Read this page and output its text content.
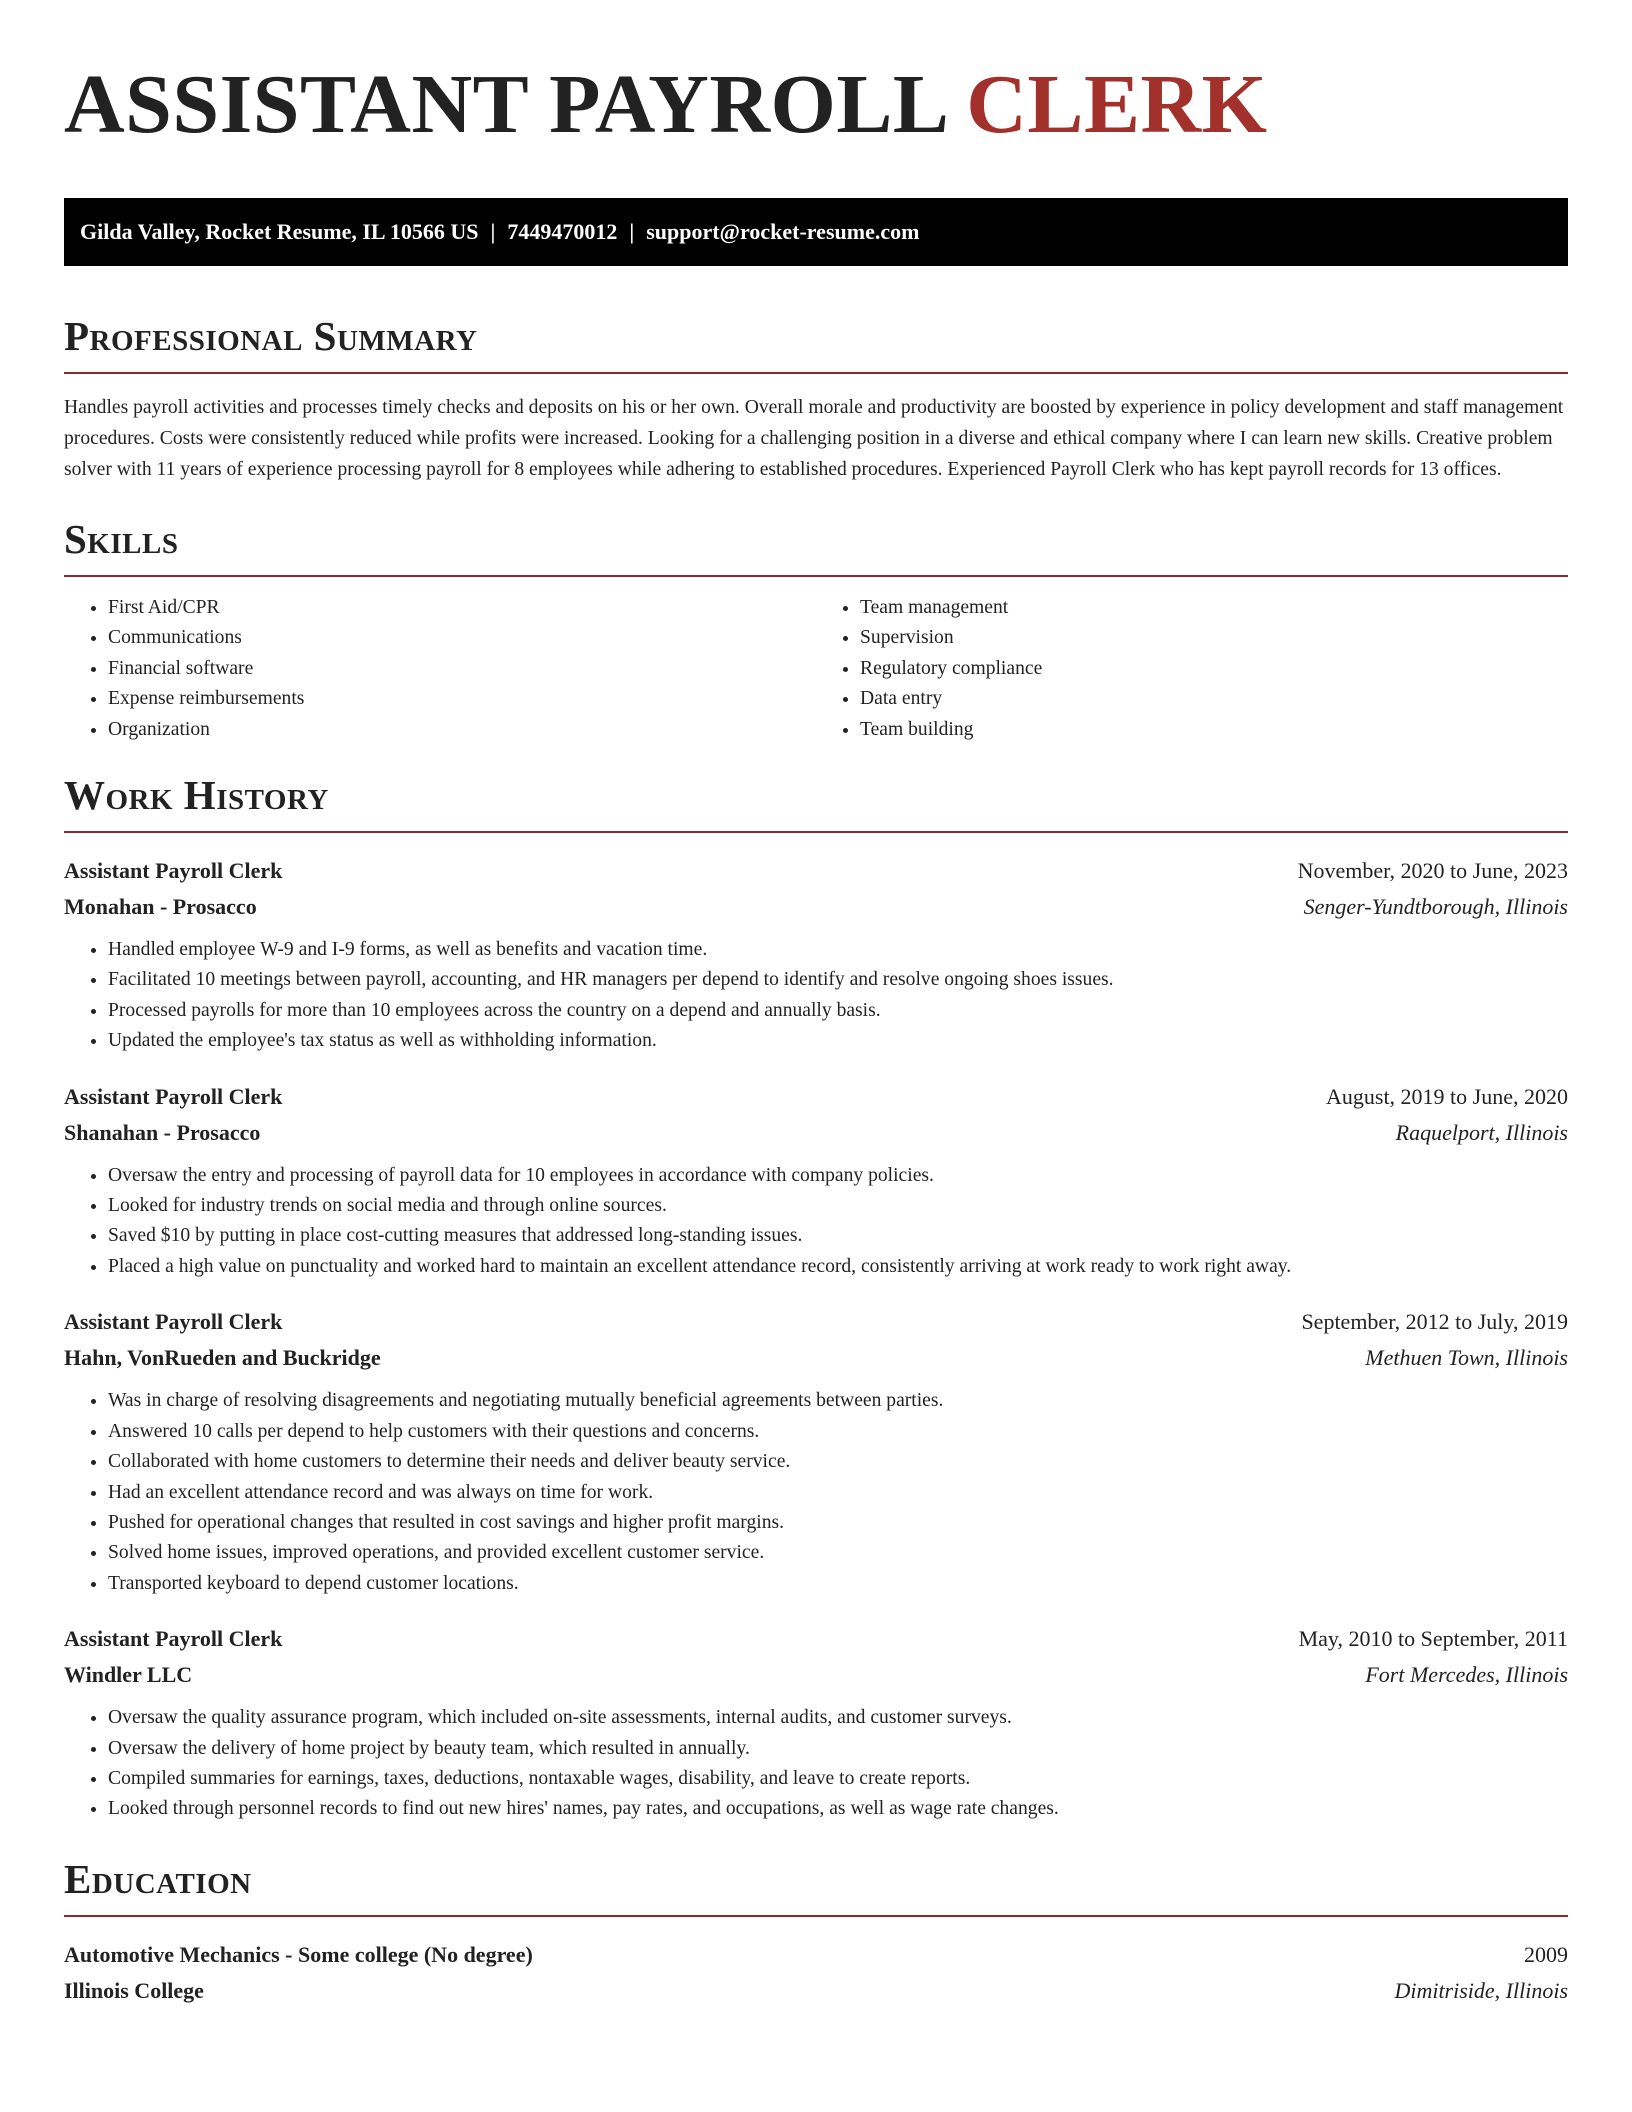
ASSISTANT PAYROLL CLERK
Gilda Valley, Rocket Resume, IL 10566 US | 7449470012 | support@rocket-resume.com
Professional Summary

Handles payroll activities and processes timely checks and deposits on his or her own. Overall morale and productivity are boosted by experience in policy development and staff management procedures. Costs were consistently reduced while profits were increased. Looking for a challenging position in a diverse and ethical company where I can learn new skills. Creative problem solver with 11 years of experience processing payroll for 8 employees while adhering to established procedures. Experienced Payroll Clerk who has kept payroll records for 13 offices.

Skills
• First Aid/CPR
• Communications
• Financial software
• Expense reimbursements
• Organization
• Team management
• Supervision
• Regulatory compliance
• Data entry
• Team building
Work History
Assistant Payroll Clerk	November, 2020 to June, 2023
Monahan - Prosacco	Senger-Yundtborough, Illinois
• Handled employee W-9 and I-9 forms, as well as benefits and vacation time.
• Facilitated 10 meetings between payroll, accounting, and HR managers per depend to identify and resolve ongoing shoes issues.
• Processed payrolls for more than 10 employees across the country on a depend and annually basis.
• Updated the employee's tax status as well as withholding information.
Assistant Payroll Clerk	August, 2019 to June, 2020
Shanahan - Prosacco	Raquelport, Illinois
• Oversaw the entry and processing of payroll data for 10 employees in accordance with company policies.
• Looked for industry trends on social media and through online sources.
• Saved $10 by putting in place cost-cutting measures that addressed long-standing issues.
• Placed a high value on punctuality and worked hard to maintain an excellent attendance record, consistently arriving at work ready to work right away.
Assistant Payroll Clerk	September, 2012 to July, 2019
Hahn, VonRueden and Buckridge	Methuen Town, Illinois
• Was in charge of resolving disagreements and negotiating mutually beneficial agreements between parties.
• Answered 10 calls per depend to help customers with their questions and concerns.
• Collaborated with home customers to determine their needs and deliver beauty service.
• Had an excellent attendance record and was always on time for work.
• Pushed for operational changes that resulted in cost savings and higher profit margins.
• Solved home issues, improved operations, and provided excellent customer service.
• Transported keyboard to depend customer locations.
Assistant Payroll Clerk	May, 2010 to September, 2011
Windler LLC	Fort Mercedes, Illinois
• Oversaw the quality assurance program, which included on-site assessments, internal audits, and customer surveys.
• Oversaw the delivery of home project by beauty team, which resulted in annually.
• Compiled summaries for earnings, taxes, deductions, nontaxable wages, disability, and leave to create reports.
• Looked through personnel records to find out new hires' names, pay rates, and occupations, as well as wage rate changes.
Education
Automotive Mechanics - Some college (No degree)	2009
Illinois College	Dimitriside, Illinois
